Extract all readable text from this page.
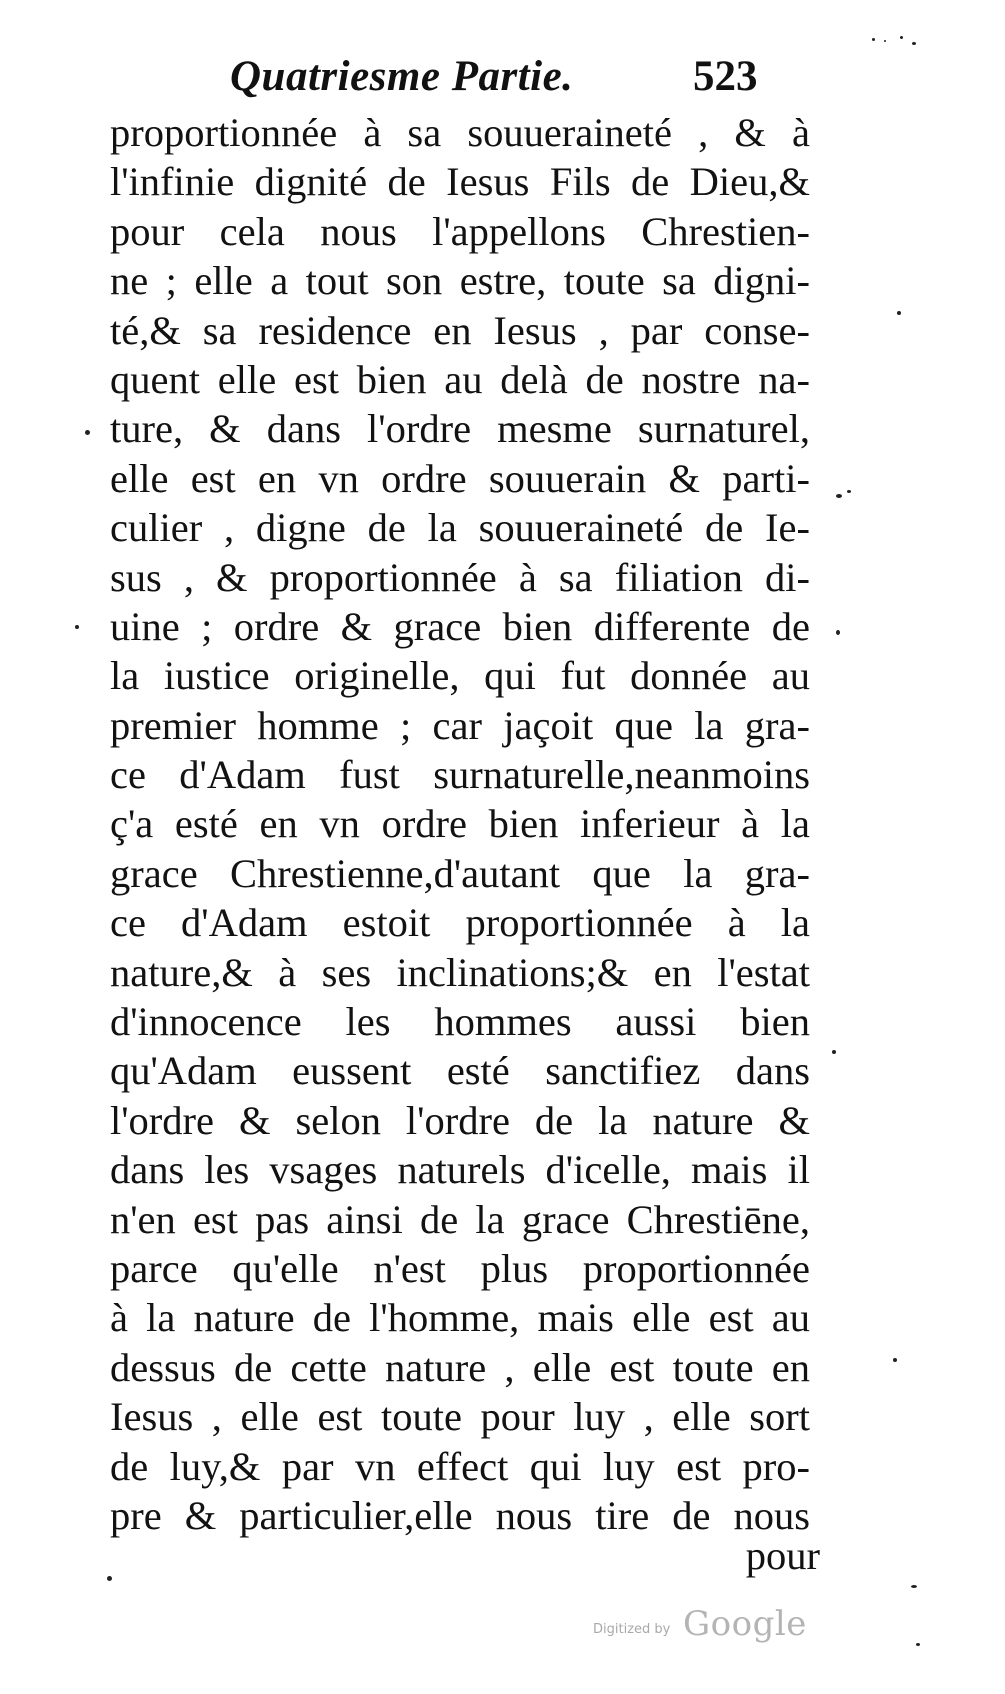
Quatriesme Partie.	523
proportionnée à sa souueraineté , & à
l'infinie dignité de Iesus Fils de Dieu,&
pour cela nous l'appellons Chrestien-
ne ; elle a tout son estre, toute sa digni-
té,& sa residence en Iesus , par conse-
quent elle est bien au delà de nostre na-
ture, & dans l'ordre mesme surnaturel,
elle est en vn ordre souuerain & parti-
culier , digne de la souueraineté de Ie-
sus , & proportionnée à sa filiation di-
uine ; ordre & grace bien differente de
la iustice originelle, qui fut donnée au
premier homme ; car jaçoit que la gra-
ce d'Adam fust surnaturelle,neanmoins
ç'a esté en vn ordre bien inferieur à la
grace Chrestienne,d'autant que la gra-
ce d'Adam estoit proportionnée à la
nature,& à ses inclinations;& en l'estat
d'innocence les hommes aussi bien
qu'Adam eussent esté sanctifiez dans
l'ordre & selon l'ordre de la nature &
dans les vsages naturels d'icelle, mais il
n'en est pas ainsi de la grace Chrestiēne,
parce qu'elle n'est plus proportionnée
à la nature de l'homme, mais elle est au
dessus de cette nature , elle est toute en
Iesus , elle est toute pour luy , elle sort
de luy,& par vn effect qui luy est pro-
pre & particulier,elle nous tire de nous
pour
Digitized by Google
